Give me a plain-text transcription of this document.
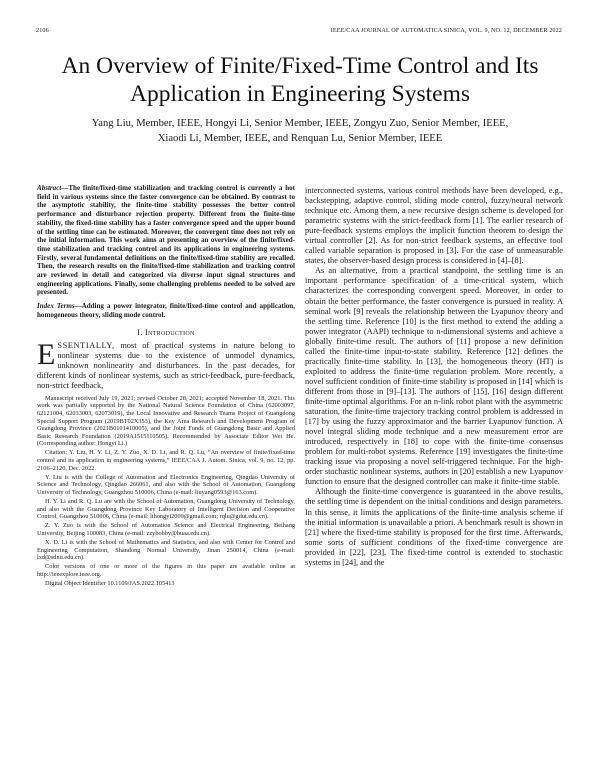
2106	IEEE/CAA JOURNAL OF AUTOMATICA SINICA, VOL. 9, NO. 12, DECEMBER 2022
An Overview of Finite/Fixed-Time Control and Its Application in Engineering Systems
Yang Liu, Member, IEEE, Hongyi Li, Senior Member, IEEE, Zongyu Zuo, Senior Member, IEEE,
Xiaodi Li, Member, IEEE, and Renquan Lu, Senior Member, IEEE

Abstract—The finite/fixed-time stabilization and tracking control is currently a hot field in various systems since the faster convergence can be obtained. By contrast to the asymptotic stability, the finite-time stability possesses the better control performance and disturbance rejection property. Different from the finite-time stability, the fixed-time stability has a faster convergence speed and the upper bound of the settling time can be estimated. Moreover, the convergent time does not rely on the initial information. This work aims at presenting an overview of the finite/fixed-time stabilization and tracking control and its applications in engineering systems. Firstly, several fundamental definitions on the finite/fixed-time stability are recalled. Then, the research results on the finite/fixed-time stabilization and tracking control are reviewed in detail and categorized via diverse input signal structures and engineering applications. Finally, some challenging problems needed to be solved are presented.

Index Terms—Adding a power integrator, finite/fixed-time control and application, homogeneous theory, sliding mode control.

I. Introduction

ESSENTIALLY, most of practical systems in nature belong to nonlinear systems due to the existence of unmodel dynamics, unknown nonlinearity and disturbances. In the past decades, for different kinds of nonlinear systems, such as strict-feedback, pure-feedback, non-strict feedback,

Manuscript received July 19, 2021; revised October 28, 2021; accepted November 18, 2021. This work was partially supported by the National Natural Science Foundation of China (62003097, 62121004, 62033003, 62073019), the Local Innovative and Research Teams Project of Guangdong Special Support Program (2019BT02X353), the Key Area Research and Development Program of Guangdong Province (2021B0101410005), and the Joint Funds of Guangdong Basic and Applied Basic Research Foundation (2019A1515110505). Recommended by Associate Editor Wei He. (Corresponding author: Hongyi Li.)

Citation: Y. Liu, H. Y. Li, Z. Y. Zuo, X. D. Li, and R. Q. Lu, “An overview of finite/fixed-time control and its application in engineering systems,” IEEE/CAA J. Autom. Sinica, vol. 9, no. 12, pp. 2106–2120, Dec. 2022.

Y. Liu is with the College of Automation and Electronics Engineering, Qingdao University of Science and Technology, Qingdao 266061, and also with the School of Automation, Guangdong University of Technology, Guangzhou 510006, China (e-mail: liuyang0593@163.com).

H. Y. Li and R. Q. Lu are with the School of Automation, Guangdong University of Technology, and also with the Guangdong Province Key Laboratory of Intelligent Decision and Cooperative Control, Guangzhou 510006, China (e-mail: lihongyi2009@gmail.com; rqlu@gdut.edu.cn).

Z. Y. Zuo is with the School of Automation Science and Electrical Engineering, Beihang University, Beijing 100083, China (e-mail: zzybobby@buaa.edu.cn).

X. D. Li is with the School of Mathematics and Statistics, and also with Center for Control and Engineering Computation, Shandong Normal University, Jinan 250014, China (e-mail: lxd@sdnu.edu.cn).

Color versions of one or more of the figures in this paper are available online at http://ieeexplore.ieee.org.

Digital Object Identifier 10.1109/JAS.2022.105413

interconnected systems, various control methods have been developed, e.g., backstepping, adaptive control, sliding mode control, fuzzy/neural network technique etc. Among them, a new recursive design scheme is developed for parametric systems with the strict-feedback form [1]. The earlier research of pure-feedback systems employs the implicit function theorem to design the virtual controller [2]. As for non-strict feedback systems, an effective tool called variable separation is proposed in [3]. For the case of unmeasurable states, the observer-based design process is considered in [4]–[8].

As an alternative, from a practical standpoint, the settling time is an important performance specification of a time-critical system, which characterizes the corresponding convergent speed. Moreover, in order to obtain the better performance, the faster convergence is pursued in reality. A seminal work [9] reveals the relationship between the Lyapunov theory and the settling time. Reference [10] is the first method to extend the adding a power integrator (AAPI) technique to n-dimensional systems and achieve a globally finite-time result. The authors of [11] propose a new definition called the finite-time input-to-state stability. Reference [12] defines the practically finite-time stability. In [13], the homogeneous theory (HT) is exploited to address the finite-time regulation problem. More recently, a novel sufficient condition of finite-time stability is proposed in [14] which is different from those in [9]–[13]. The authors of [15], [16] design different finite-time optimal algorithms. For an n-link robot plant with the asymmetric saturation, the finite-time trajectory tracking control problem is addressed in [17] by using the fuzzy approximator and the barrier Lyapunov function. A novel integral sliding mode technique and a new measurement error are introduced, respectively in [18] to cope with the finite-time consensus problem for multi-robot systems. Reference [19] investigates the finite-time tracking issue via proposing a novel self-triggered technique. For the high-order stochastic nonlinear systems, authors in [20] establish a new Lyapunov function to ensure that the designed controller can make it finite-time stable.

Although the finite-time convergence is guaranteed in the above results, the settling time is dependent on the initial conditions and design parameters. In this sense, it limits the applications of the finite-time analysis scheme if the initial information is unavailable a priori. A benchmark result is shown in [21] where the fixed-time stability is proposed for the first time. Afterwards, some sorts of sufficient conditions of the fixed-time convergence are provided in [22], [23]. The fixed-time control is extended to stochastic systems in [24], and the
